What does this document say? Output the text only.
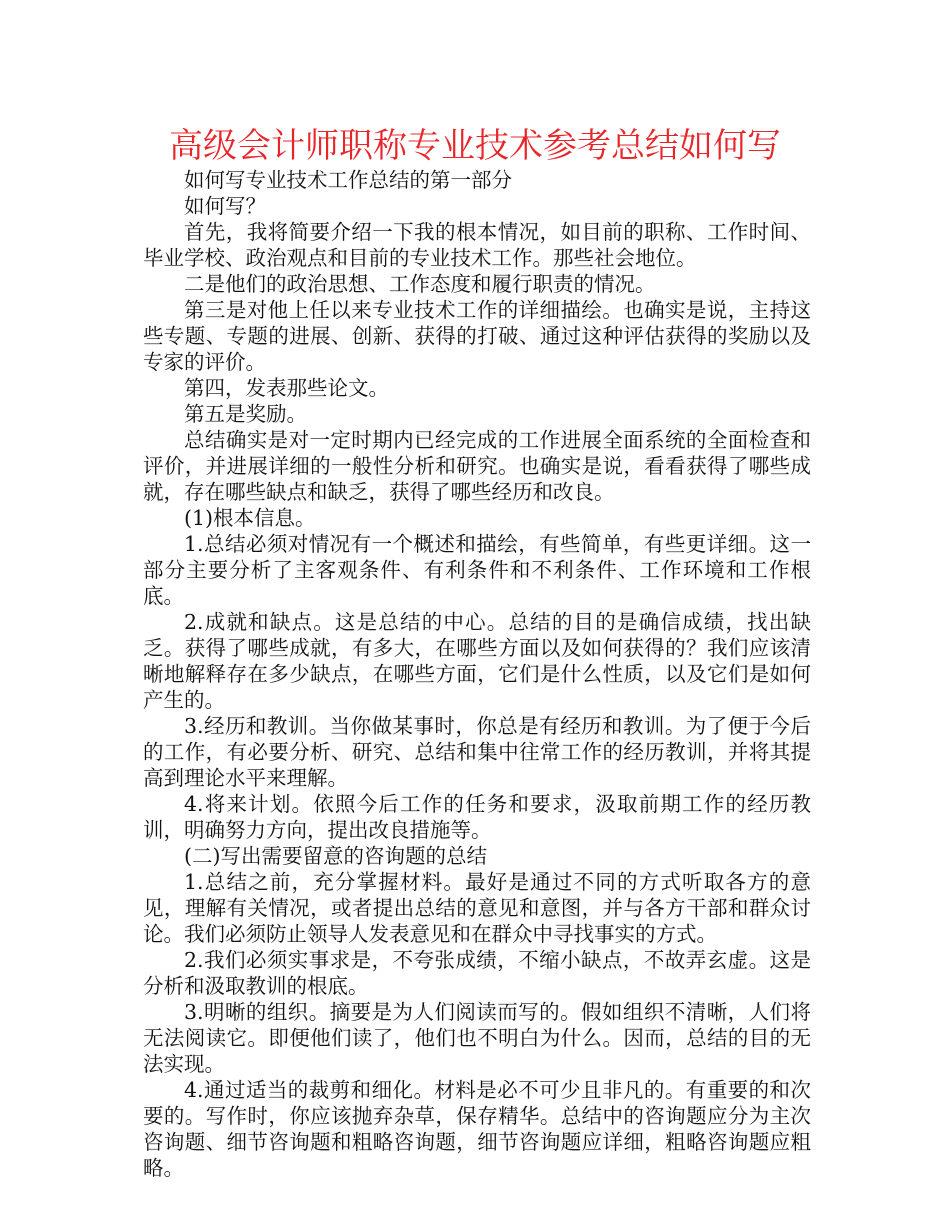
高级会计师职称专业技术参考总结如何写

如何写专业技术工作总结的第一部分

如何写？

首先，我将简要介绍一下我的根本情况，如目前的职称、工作时间、毕业学校、政治观点和目前的专业技术工作。那些社会地位。

二是他们的政治思想、工作态度和履行职责的情况。

第三是对他上任以来专业技术工作的详细描绘。也确实是说，主持这些专题、专题的进展、创新、获得的打破、通过这种评估获得的奖励以及专家的评价。

第四，发表那些论文。

第五是奖励。

总结确实是对一定时期内已经完成的工作进展全面系统的全面检查和评价，并进展详细的一般性分析和研究。也确实是说，看看获得了哪些成就，存在哪些缺点和缺乏，获得了哪些经历和改良。

(1)根本信息。

1.总结必须对情况有一个概述和描绘，有些简单，有些更详细。这一部分主要分析了主客观条件、有利条件和不利条件、工作环境和工作根底。

2.成就和缺点。这是总结的中心。总结的目的是确信成绩，找出缺乏。获得了哪些成就，有多大，在哪些方面以及如何获得的？我们应该清晰地解释存在多少缺点，在哪些方面，它们是什么性质，以及它们是如何产生的。

3.经历和教训。当你做某事时，你总是有经历和教训。为了便于今后的工作，有必要分析、研究、总结和集中往常工作的经历教训，并将其提高到理论水平来理解。

4.将来计划。依照今后工作的任务和要求，汲取前期工作的经历教训，明确努力方向，提出改良措施等。

(二)写出需要留意的咨询题的总结

1.总结之前，充分掌握材料。最好是通过不同的方式听取各方的意见，理解有关情况，或者提出总结的意见和意图，并与各方干部和群众讨论。我们必须防止领导人发表意见和在群众中寻找事实的方式。

2.我们必须实事求是，不夸张成绩，不缩小缺点，不故弄玄虚。这是分析和汲取教训的根底。

3.明晰的组织。摘要是为人们阅读而写的。假如组织不清晰，人们将无法阅读它。即便他们读了，他们也不明白为什么。因而，总结的目的无法实现。

4.通过适当的裁剪和细化。材料是必不可少且非凡的。有重要的和次要的。写作时，你应该抛弃杂草，保存精华。总结中的咨询题应分为主次咨询题、细节咨询题和粗略咨询题，细节咨询题应详细，粗略咨询题应粗略。
